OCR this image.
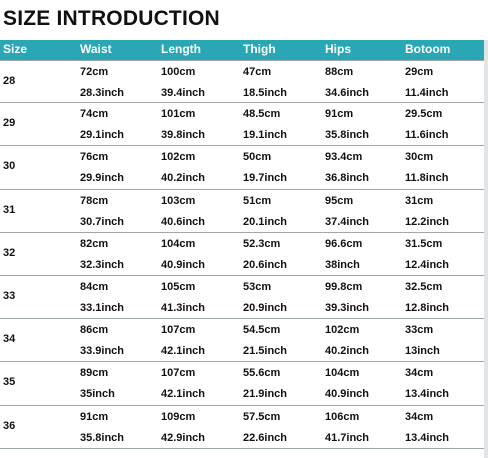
SIZE INTRODUCTION
Size	Waist	Length	Thigh	Hips	Botoom
28
72cm	100cm	47cm	88cm	29cm
28.3inch	39.4inch	18.5inch	34.6inch	11.4inch
29
74cm	101cm	48.5cm	91cm	29.5cm
29.1inch	39.8inch	19.1inch	35.8inch	11.6inch
30
76cm	102cm	50cm	93.4cm	30cm
29.9inch	40.2inch	19.7inch	36.8inch	11.8inch
31
78cm	103cm	51cm	95cm	31cm
30.7inch	40.6inch	20.1inch	37.4inch	12.2inch
32
82cm	104cm	52.3cm	96.6cm	31.5cm
32.3inch	40.9inch	20.6inch	38inch	12.4inch
33
84cm	105cm	53cm	99.8cm	32.5cm
33.1inch	41.3inch	20.9inch	39.3inch	12.8inch
34
86cm	107cm	54.5cm	102cm	33cm
33.9inch	42.1inch	21.5inch	40.2inch	13inch
35
89cm	107cm	55.6cm	104cm	34cm
35inch	42.1inch	21.9inch	40.9inch	13.4inch
36
91cm	109cm	57.5cm	106cm	34cm
35.8inch	42.9inch	22.6inch	41.7inch	13.4inch
